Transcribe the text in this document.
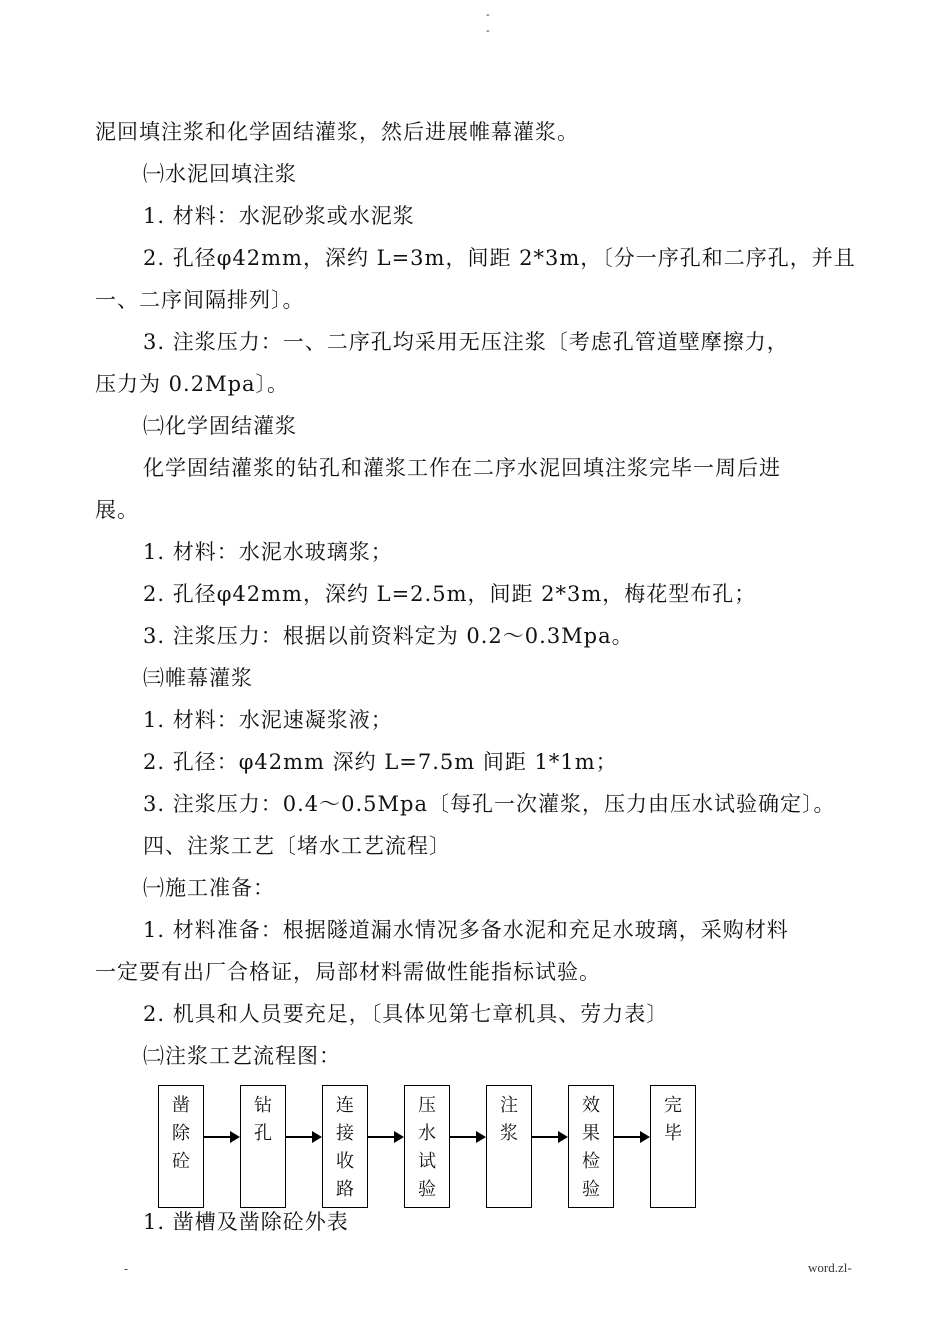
-
-
泥回填注浆和化学固结灌浆，然后进展帷幕灌浆。
㈠水泥回填注浆
1. 材料：水泥砂浆或水泥浆
2. 孔径φ42mm，深约 L=3m，间距 2*3m，〔分一序孔和二序孔，并且
一、二序间隔排列〕。
3. 注浆压力：一、二序孔均采用无压注浆〔考虑孔管道壁摩擦力，
压力为 0.2Mpa〕。
㈡化学固结灌浆
化学固结灌浆的钻孔和灌浆工作在二序水泥回填注浆完毕一周后进
展。
1. 材料：水泥水玻璃浆；
2. 孔径φ42mm，深约 L=2.5m，间距 2*3m，梅花型布孔；
3. 注浆压力：根据以前资料定为 0.2～0.3Mpa。
㈢帷幕灌浆
1. 材料：水泥速凝浆液；
2. 孔径：φ42mm 深约 L=7.5m 间距 1*1m；
3. 注浆压力：0.4～0.5Mpa〔每孔一次灌浆，压力由压水试验确定〕。
四、注浆工艺〔堵水工艺流程〕
㈠施工准备：
1. 材料准备：根据隧道漏水情况多备水泥和充足水玻璃，采购材料
一定要有出厂合格证，局部材料需做性能指标试验。
2. 机具和人员要充足，〔具体见第七章机具、劳力表〕
㈡注浆工艺流程图：
1. 凿槽及凿除砼外表
凿
除
砼
钻
孔
连
接
收
路
压
水
试
验
注
浆
效
果
检
验
完
毕
-	word.zl-
